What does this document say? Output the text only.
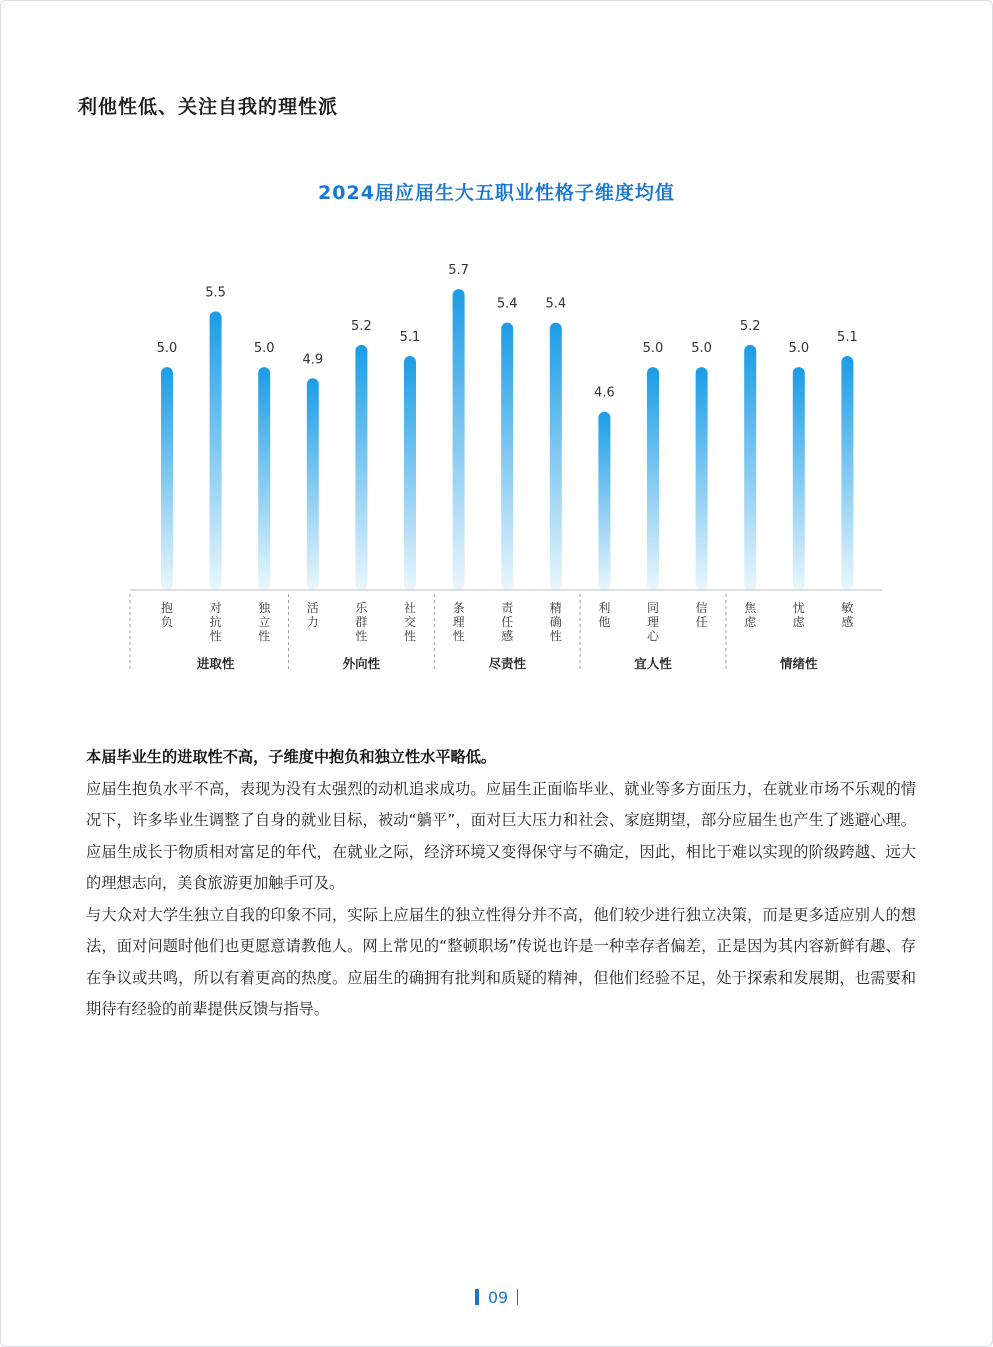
利他性低、关注自我的理性派
2024届应届生大五职业性格子维度均值
5.0
5.5
5.0
4.9
5.2
5.1
5.7
5.4 5.4
4.6
5.0 5.0
5.2
5.0
5.1
抱负
对抗性
独立性
活力
乐群性
社交性
条理性
责任感
精确性
利他
同理心
信任
焦虑
忧虑
敏感
进取性	外向性	尽责性	宜人性	情绪性

本届毕业生的进取性不高，子维度中抱负和独立性水平略低。

应届生抱负水平不高，表现为没有太强烈的动机追求成功。应届生正面临毕业、就业等多方面压力，在就业市场不乐观的情况下，许多毕业生调整了自身的就业目标，被动“躺平”，面对巨大压力和社会、家庭期望，部分应届生也产生了逃避心理。应届生成长于物质相对富足的年代，在就业之际，经济环境又变得保守与不确定，因此，相比于难以实现的阶级跨越、远大的理想志向，美食旅游更加触手可及。

与大众对大学生独立自我的印象不同，实际上应届生的独立性得分并不高，他们较少进行独立决策，而是更多适应别人的想法，面对问题时他们也更愿意请教他人。网上常见的“整顿职场”传说也许是一种幸存者偏差，正是因为其内容新鲜有趣、存在争议或共鸣，所以有着更高的热度。应届生的确拥有批判和质疑的精神，但他们经验不足，处于探索和发展期，也需要和期待有经验的前辈提供反馈与指导。

09
